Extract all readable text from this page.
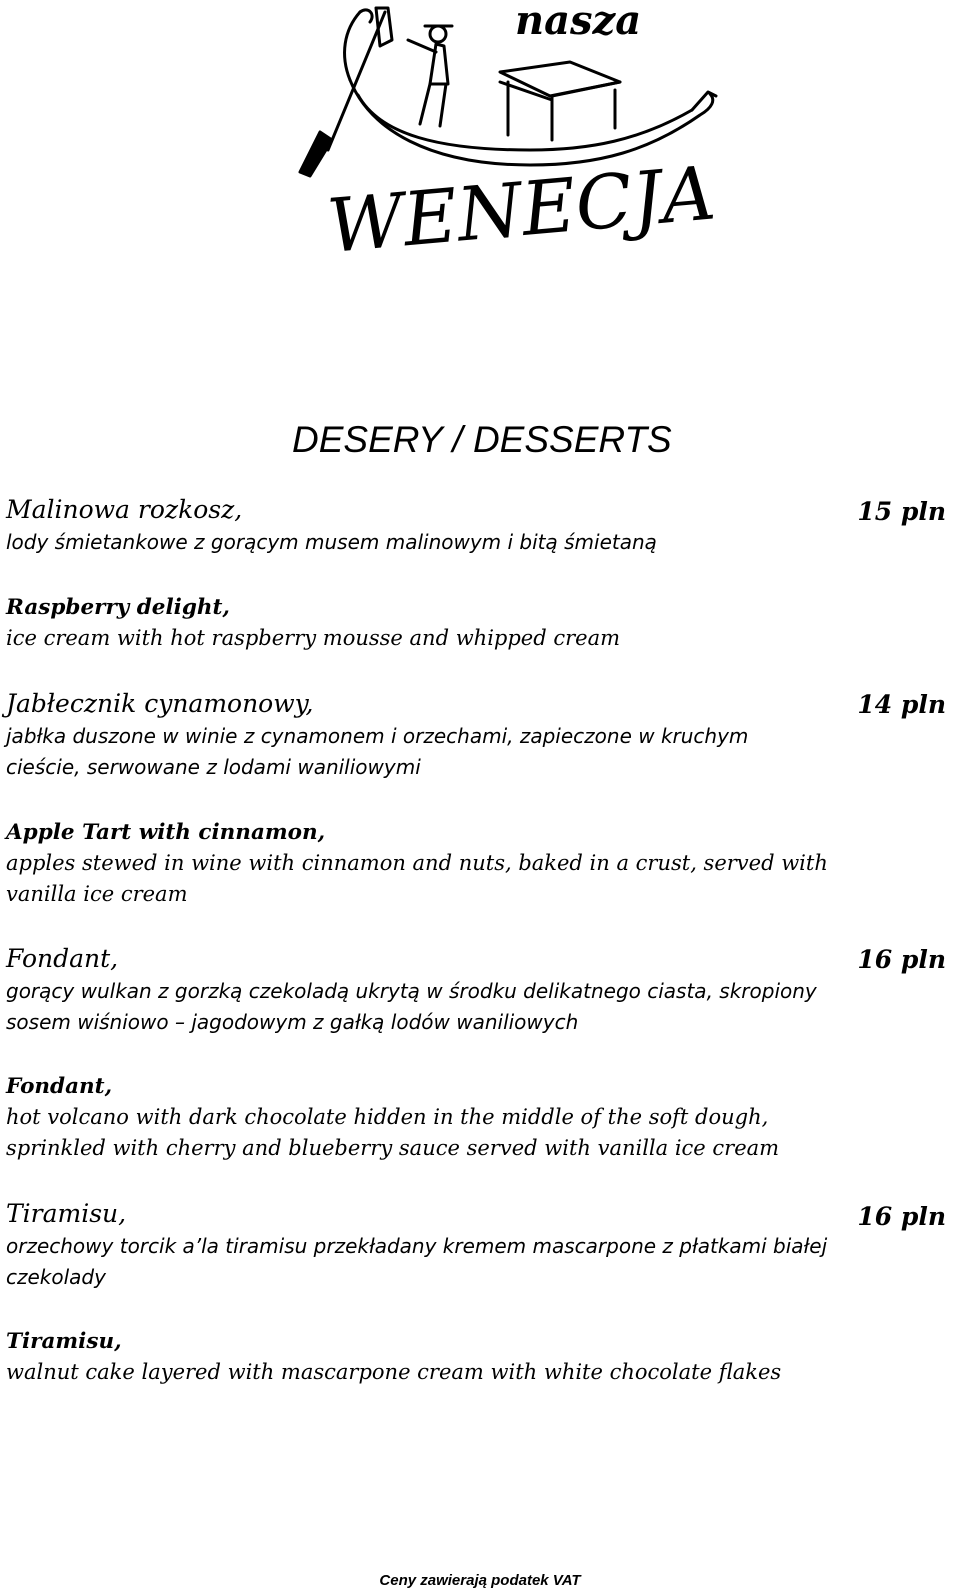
nasza
WENECJA
DESERY / DESSERTS
15 pln
Malinowa rozkosz,
lody śmietankowe z gorącym musem malinowym i bitą śmietaną
Raspberry delight,
ice cream with hot raspberry mousse and whipped cream
14 pln
Jabłecznik cynamonowy,
jabłka duszone w winie z cynamonem i orzechami, zapieczone w kruchym cieście, serwowane z lodami waniliowymi
Apple Tart with cinnamon,
apples stewed in wine with cinnamon and nuts, baked in a crust, served with vanilla ice cream
16 pln
Fondant,
gorący wulkan z gorzką czekoladą ukrytą w środku delikatnego ciasta, skropiony sosem wiśniowo – jagodowym z gałką lodów waniliowych
Fondant,
hot volcano with dark chocolate hidden in the middle of the soft dough, sprinkled with cherry and blueberry sauce served with vanilla ice cream
16 pln
Tiramisu,
orzechowy torcik a’la tiramisu przekładany kremem mascarpone z płatkami białej czekolady
Tiramisu,
walnut cake layered with mascarpone cream with white chocolate flakes
Ceny zawierają podatek VAT
